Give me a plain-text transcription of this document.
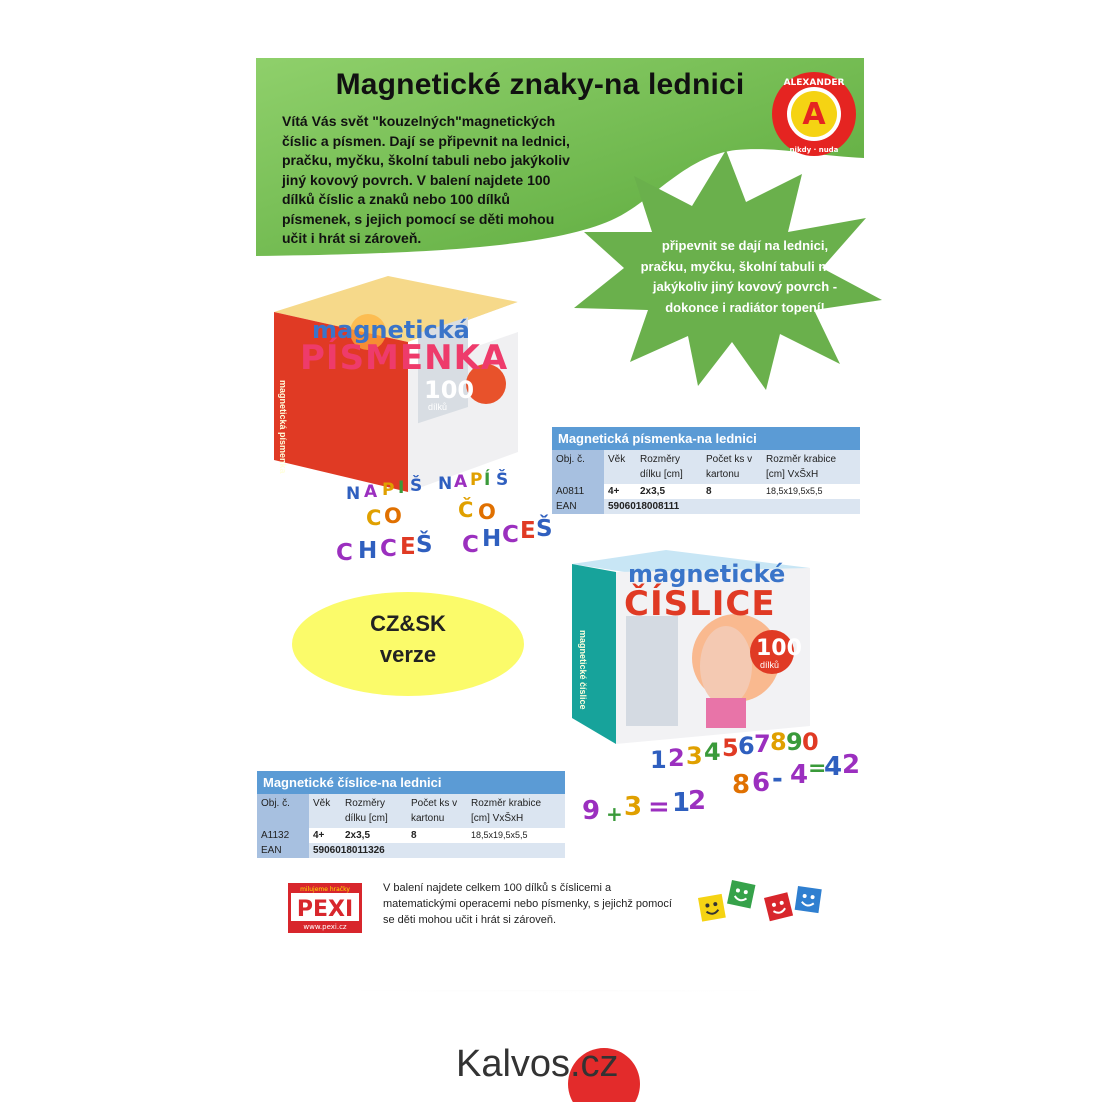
Magnetické znaky-na lednici
Vítá Vás svět "kouzelných"magnetických číslic a písmen. Dají se připevnit na lednici, pračku, myčku, školní tabuli nebo jakýkoliv jiný kovový povrch. V balení najdete 100 dílků číslic a znaků nebo 100 dílků písmenek, s jejich pomocí se děti mohou učit i hrát si zároveň.
A
ALEXANDER
nikdy · nuda
připevnit se dají na lednici, pračku, myčku, školní tabuli nebo jakýkoliv jiný kovový povrch - dokonce i radiátor topení!
magnetická
PÍSMENKA
100
dílků
magnetická písmenka
N A P I Š
C O
C H C E Š
N A P Í Š
Č O
C H C E Š
Magnetická písmenka-na lednici				
Obj. č.	Věk	Rozměry dílku [cm]	Počet ks v kartonu	Rozměr krabice [cm] VxŠxH
A0811	4+	2x3,5	8	18,5x19,5x5,5
EAN	5906018008111			
CZ&SK
verze
magnetické
ČÍSLICE
100
dílků
magnetické číslice
1 2 3 4 5 6 7 8 9 0
9 + 3 = 1
2
8 6 - 4 =
4 2
Magnetické číslice-na lednici				
Obj. č.	Věk	Rozměry dílku [cm]	Počet ks v kartonu	Rozměr krabice [cm] VxŠxH
A1132	4+	2x3,5	8	18,5x19,5x5,5
EAN	5906018011326			
milujeme hračky
PEXI
www.pexi.cz
V balení najdete celkem 100 dílků s číslicemi a matematickými operacemi nebo písmenky, s jejichž pomocí se děti mohou učit i hrát si zároveň.
Kalvos .cz
